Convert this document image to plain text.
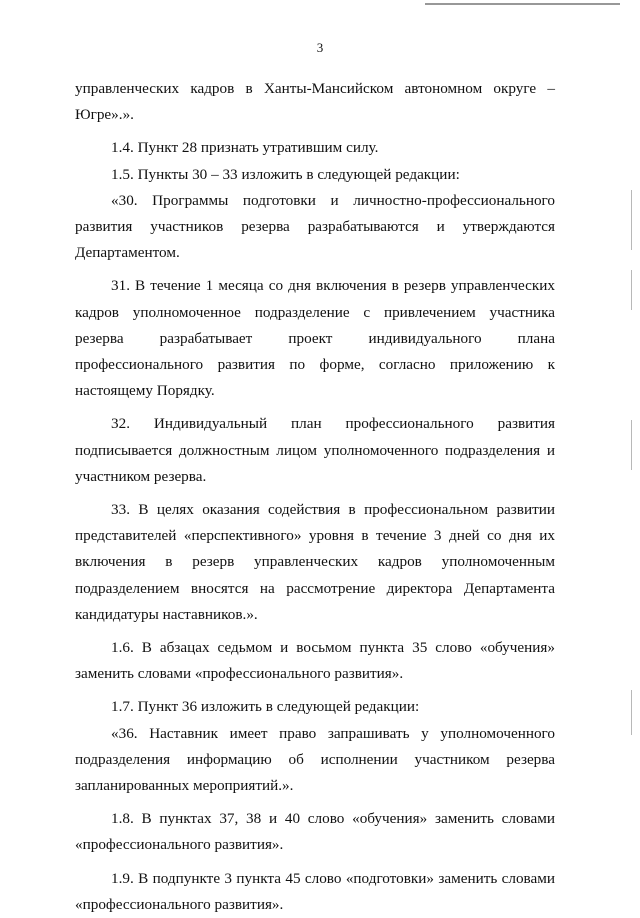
3

управленческих кадров в Ханты-Мансийском автономном округе – Югре».».

1.4. Пункт 28 признать утратившим силу.

1.5. Пункты 30 – 33 изложить в следующей редакции:

«30. Программы подготовки и личностно-профессионального развития участников резерва разрабатываются и утверждаются Департаментом.

31. В течение 1 месяца со дня включения в резерв управленческих кадров уполномоченное подразделение с привлечением участника резерва разрабатывает проект индивидуального плана профессионального развития по форме, согласно приложению к настоящему Порядку.

32. Индивидуальный план профессионального развития подписывается должностным лицом уполномоченного подразделения и участником резерва.

33. В целях оказания содействия в профессиональном развитии представителей «перспективного» уровня в течение 3 дней со дня их включения в резерв управленческих кадров уполномоченным подразделением вносятся на рассмотрение директора Департамента кандидатуры наставников.».

1.6. В абзацах седьмом и восьмом пункта 35 слово «обучения» заменить словами «профессионального развития».

1.7. Пункт 36 изложить в следующей редакции:

«36. Наставник имеет право запрашивать у уполномоченного подразделения информацию об исполнении участником резерва запланированных мероприятий.».

1.8. В пунктах 37, 38 и 40 слово «обучения» заменить словами «профессионального развития».

1.9. В подпункте 3 пункта 45 слово «подготовки» заменить словами «профессионального развития».
